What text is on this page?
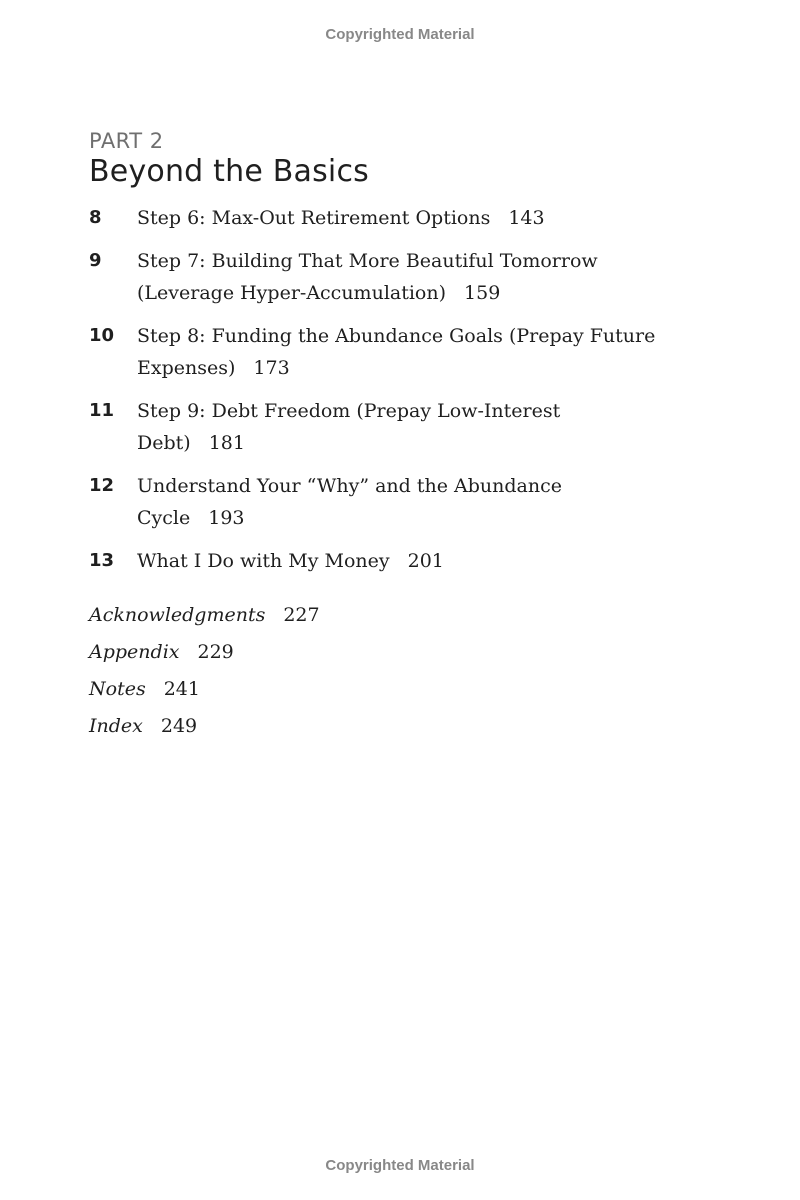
Copyrighted Material
PART 2
Beyond the Basics
8	Step 6: Max-Out Retirement Options 143
9	Step 7: Building That More Beautiful Tomorrow (Leverage Hyper-Accumulation) 159
10	Step 8: Funding the Abundance Goals (Prepay Future Expenses) 173
11	Step 9: Debt Freedom (Prepay Low-Interest Debt) 181
12	Understand Your “Why” and the Abundance Cycle 193
13	What I Do with My Money 201
Acknowledgments 227
Appendix 229
Notes 241
Index 249
Copyrighted Material
